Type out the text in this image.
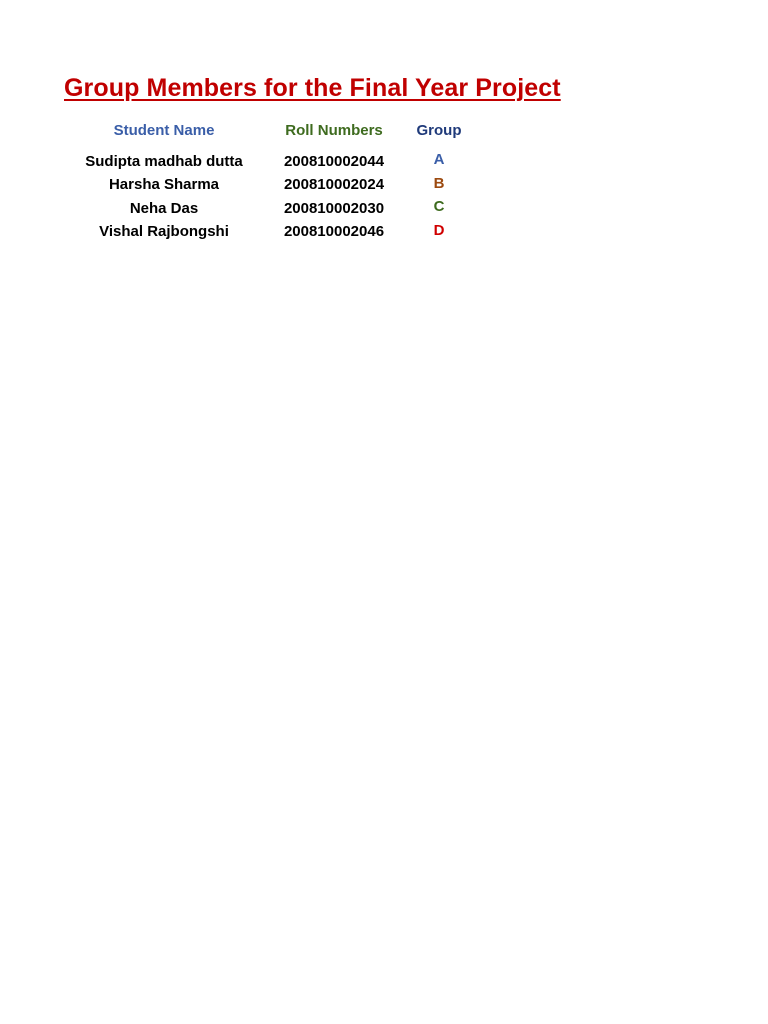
Group Members for the Final Year Project
Student Name	Roll Numbers	Group
Sudipta madhab dutta	200810002044	A
Harsha Sharma	200810002024	B
Neha Das	200810002030	C
Vishal Rajbongshi	200810002046	D
